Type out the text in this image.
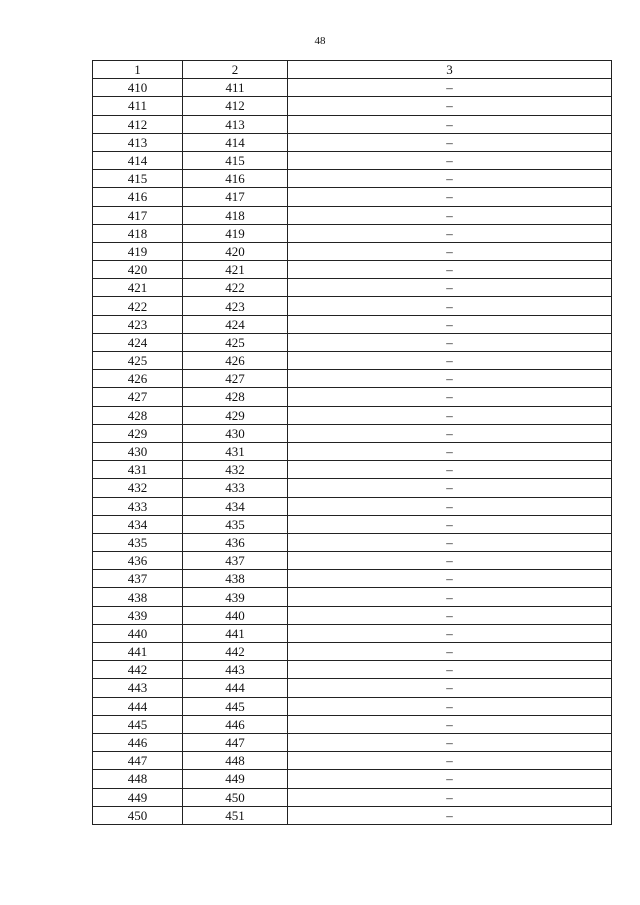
48
1	2	3
410	411	–
411	412	–
412	413	–
413	414	–
414	415	–
415	416	–
416	417	–
417	418	–
418	419	–
419	420	–
420	421	–
421	422	–
422	423	–
423	424	–
424	425	–
425	426	–
426	427	–
427	428	–
428	429	–
429	430	–
430	431	–
431	432	–
432	433	–
433	434	–
434	435	–
435	436	–
436	437	–
437	438	–
438	439	–
439	440	–
440	441	–
441	442	–
442	443	–
443	444	–
444	445	–
445	446	–
446	447	–
447	448	–
448	449	–
449	450	–
450	451	–
